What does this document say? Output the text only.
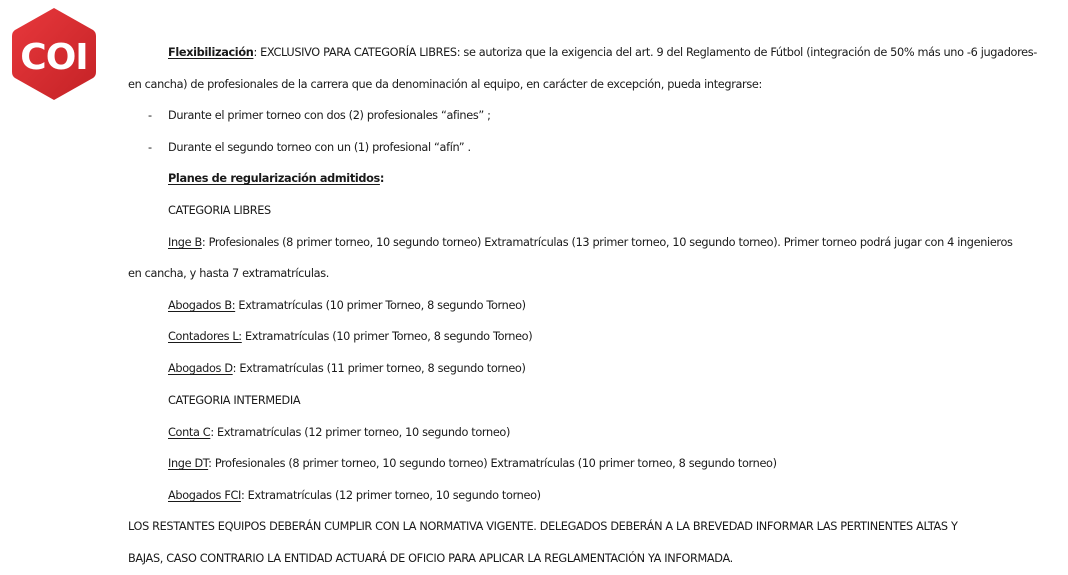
COI	Flexibilización: EXCLUSIVO PARA CATEGORÍA LIBRES: se autoriza que la exigencia del art. 9 del Reglamento de Fútbol (integración de 50% más uno -6 jugadores-
en cancha) de profesionales de la carrera que da denominación al equipo, en carácter de excepción, pueda integrarse:
- Durante el primer torneo con dos (2) profesionales “afines” ;
- Durante el segundo torneo con un (1) profesional “afín” .
Planes de regularización admitidos:
CATEGORIA LIBRES
Inge B: Profesionales (8 primer torneo, 10 segundo torneo) Extramatrículas (13 primer torneo, 10 segundo torneo). Primer torneo podrá jugar con 4 ingenieros
en cancha, y hasta 7 extramatrículas.
Abogados B: Extramatrículas (10 primer Torneo, 8 segundo Torneo)
Contadores L: Extramatrículas (10 primer Torneo, 8 segundo Torneo)
Abogados D: Extramatrículas (11 primer torneo, 8 segundo torneo)
CATEGORIA INTERMEDIA
Conta C: Extramatrículas (12 primer torneo, 10 segundo torneo)
Inge DT: Profesionales (8 primer torneo, 10 segundo torneo) Extramatrículas (10 primer torneo, 8 segundo torneo)
Abogados FCI: Extramatrículas (12 primer torneo, 10 segundo torneo)
LOS RESTANTES EQUIPOS DEBERÁN CUMPLIR CON LA NORMATIVA VIGENTE. DELEGADOS DEBERÁN A LA BREVEDAD INFORMAR LAS PERTINENTES ALTAS Y
BAJAS, CASO CONTRARIO LA ENTIDAD ACTUARÁ DE OFICIO PARA APLICAR LA REGLAMENTACIÓN YA INFORMADA.
